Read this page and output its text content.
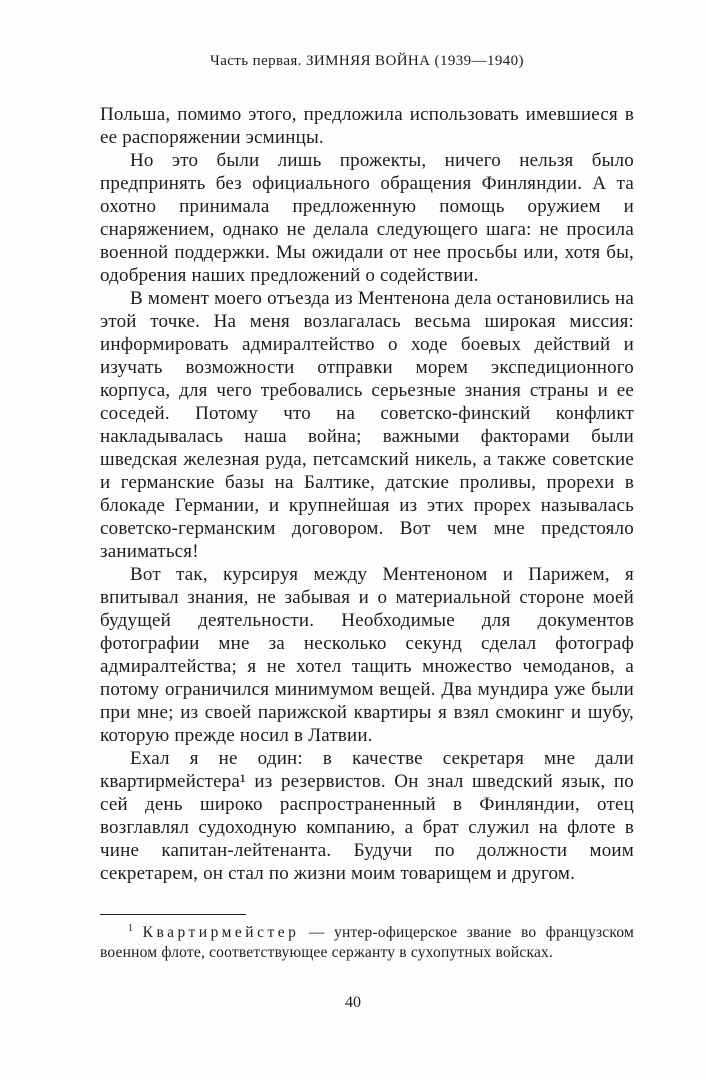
Часть первая. ЗИМНЯЯ ВОЙНА (1939—1940)

Польша, помимо этого, предложила использовать имевшиеся в ее распоряжении эсминцы.

Но это были лишь прожекты, ничего нельзя было предпринять без официального обращения Финляндии. А та охотно принимала предложенную помощь оружием и снаряжением, однако не делала следующего шага: не просила военной поддержки. Мы ожидали от нее просьбы или, хотя бы, одобрения наших предложений о содействии.

В момент моего отъезда из Ментенона дела остановились на этой точке. На меня возлагалась весьма широкая миссия: информировать адмиралтейство о ходе боевых действий и изучать возможности отправки морем экспедиционного корпуса, для чего требовались серьезные знания страны и ее соседей. Потому что на советско-финский конфликт накладывалась наша война; важными факторами были шведская железная руда, петсамский никель, а также советские и германские базы на Балтике, датские проливы, прорехи в блокаде Германии, и крупнейшая из этих прорех называлась советско-германским договором. Вот чем мне предстояло заниматься!

Вот так, курсируя между Ментеноном и Парижем, я впитывал знания, не забывая и о материальной стороне моей будущей деятельности. Необходимые для документов фотографии мне за несколько секунд сделал фотограф адмиралтейства; я не хотел тащить множество чемоданов, а потому ограничился минимумом вещей. Два мундира уже были при мне; из своей парижской квартиры я взял смокинг и шубу, которую прежде носил в Латвии.

Ехал я не один: в качестве секретаря мне дали квартирмейстера¹ из резервистов. Он знал шведский язык, по сей день широко распространенный в Финляндии, отец возглавлял судоходную компанию, а брат служил на флоте в чине капитан-лейтенанта. Будучи по должности моим секретарем, он стал по жизни моим товарищем и другом.

$^1$ Квартирмейстер — унтер-офицерское звание во французском военном флоте, соответствующее сержанту в сухопутных войсках.

40
